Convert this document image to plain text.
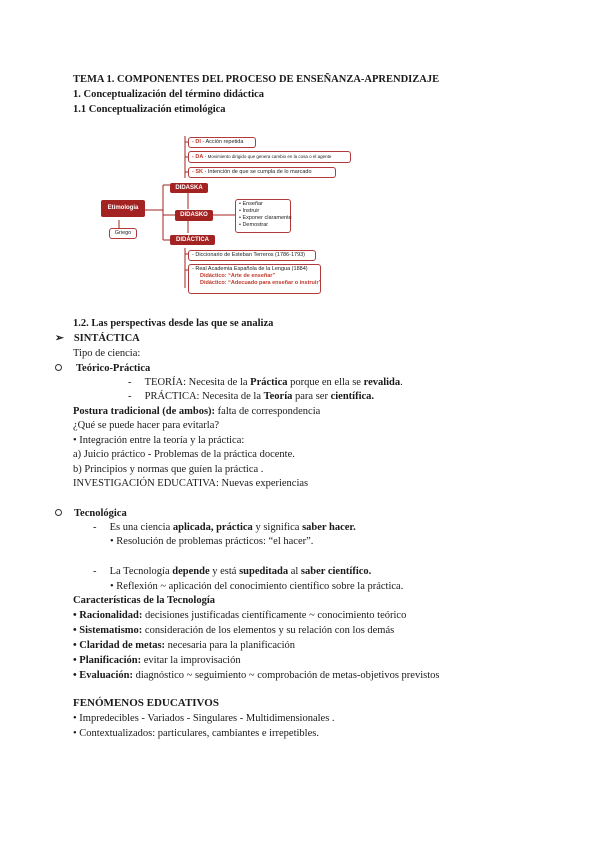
TEMA 1. COMPONENTES DEL PROCESO DE ENSEÑANZA-APRENDIZAJE
1. Conceptualización del término didáctica
1.1 Conceptualización etimológica
Etimología
Griego
- DI - Acción repetida
- DA - Movimiento dirigido que genera cambio en la cosa o el agente
- SK - Intención de que se cumpla de lo marcado
DIDASKA
DIDASKO
DIDÁCTICA
• Enseñar
• Instruir
• Exponer claramente
• Demostrar
- Diccionario de Esteban Terreros (1786-1793)
- Real Academia Española de la Lengua (1884)
Didáctico: “Arte de enseñar”
Didáctico: “Adecuado para enseñar o instruir”
1.2. Las perspectivas desde las que se analiza
➢ SINTÁCTICA
Tipo de ciencia:
Teórico-Práctica
-     TEORÍA: Necesita de la Práctica porque en ella se revalida.
-     PRÁCTICA: Necesita de la Teoría para ser científica.
Postura tradicional (de ambos): falta de correspondencia
¿Qué se puede hacer para evitarla?
• Integración entre la teoría y la práctica:
a) Juicio práctico - Problemas de la práctica docente.
b) Principios y normas que guíen la práctica .
INVESTIGACIÓN EDUCATIVA: Nuevas experiencias
Tecnológica
-     Es una ciencia aplicada, práctica y significa saber hacer.
• Resolución de problemas prácticos: “el hacer”.
-     La Tecnología depende y está supeditada al saber científico.
• Reflexión ~ aplicación del conocimiento científico sobre la práctica.
Características de la Tecnología
• Racionalidad: decisiones justificadas científicamente ~ conocimiento teórico
• Sistematismo: consideración de los elementos y su relación con los demás
• Claridad de metas: necesaria para la planificación
• Planificación: evitar la improvisación
• Evaluación: diagnóstico ~ seguimiento ~ comprobación de metas-objetivos previstos
FENÓMENOS EDUCATIVOS
• Impredecibles - Variados - Singulares - Multidimensionales .
• Contextualizados: particulares, cambiantes e irrepetibles.
